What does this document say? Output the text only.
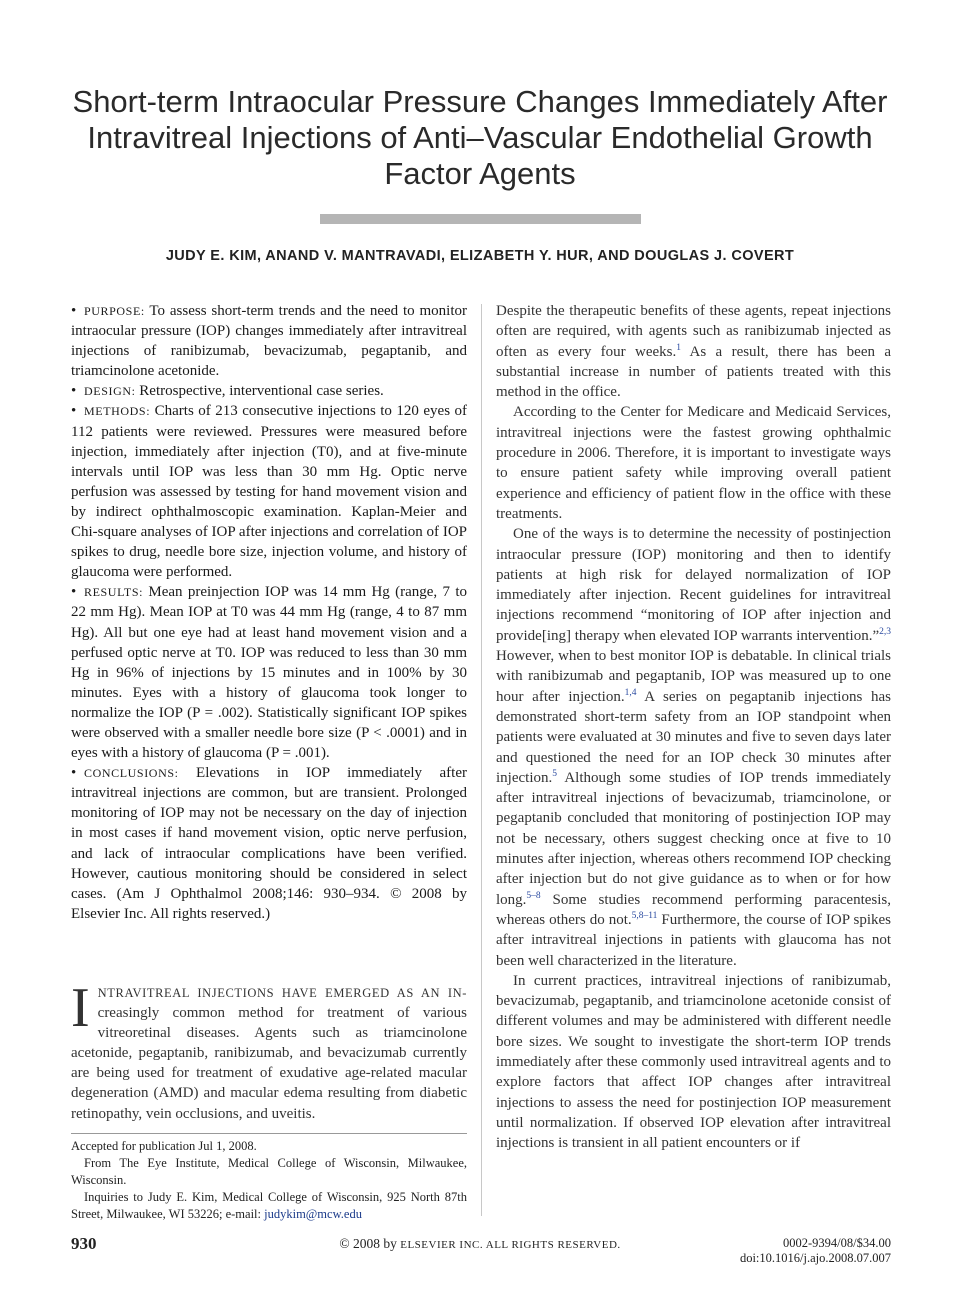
Short-term Intraocular Pressure Changes Immediately After Intravitreal Injections of Anti–Vascular Endothelial Growth Factor Agents
JUDY E. KIM, ANAND V. MANTRAVADI, ELIZABETH Y. HUR, AND DOUGLAS J. COVERT

• PURPOSE: To assess short-term trends and the need to monitor intraocular pressure (IOP) changes immediately after intravitreal injections of ranibizumab, bevacizumab, pegaptanib, and triamcinolone acetonide.

• DESIGN: Retrospective, interventional case series.

• METHODS: Charts of 213 consecutive injections to 120 eyes of 112 patients were reviewed. Pressures were measured before injection, immediately after injection (T0), and at five-minute intervals until IOP was less than 30 mm Hg. Optic nerve perfusion was assessed by testing for hand movement vision and by indirect ophthalmoscopic examination. Kaplan-Meier and Chi-square analyses of IOP after injections and correlation of IOP spikes to drug, needle bore size, injection volume, and history of glaucoma were performed.

• RESULTS: Mean preinjection IOP was 14 mm Hg (range, 7 to 22 mm Hg). Mean IOP at T0 was 44 mm Hg (range, 4 to 87 mm Hg). All but one eye had at least hand movement vision and a perfused optic nerve at T0. IOP was reduced to less than 30 mm Hg in 96% of injections by 15 minutes and in 100% by 30 minutes. Eyes with a history of glaucoma took longer to normalize the IOP (P = .002). Statistically significant IOP spikes were observed with a smaller needle bore size (P < .0001) and in eyes with a history of glaucoma (P = .001).

• CONCLUSIONS: Elevations in IOP immediately after intravitreal injections are common, but are transient. Prolonged monitoring of IOP may not be necessary on the day of injection in most cases if hand movement vision, optic nerve perfusion, and lack of intraocular complications have been verified. However, cautious monitoring should be considered in select cases. (Am J Ophthalmol 2008;146: 930–934. © 2008 by Elsevier Inc. All rights reserved.)

INTRAVITREAL INJECTIONS HAVE EMERGED AS AN IN-creasingly common method for treatment of various vitreoretinal diseases. Agents such as triamcinolone acetonide, pegaptanib, ranibizumab, and bevacizumab currently are being used for treatment of exudative age-related macular degeneration (AMD) and macular edema resulting from diabetic retinopathy, vein occlusions, and uveitis.

Accepted for publication Jul 1, 2008.

From The Eye Institute, Medical College of Wisconsin, Milwaukee, Wisconsin.

Inquiries to Judy E. Kim, Medical College of Wisconsin, 925 North 87th Street, Milwaukee, WI 53226; e-mail: judykim@mcw.edu

Despite the therapeutic benefits of these agents, repeat injections often are required, with agents such as ranibizumab injected as often as every four weeks.$^1$ As a result, there has been a substantial increase in number of patients treated with this method in the office.

According to the Center for Medicare and Medicaid Services, intravitreal injections were the fastest growing ophthalmic procedure in 2006. Therefore, it is important to investigate ways to ensure patient safety while improving overall patient experience and efficiency of patient flow in the office with these treatments.

One of the ways is to determine the necessity of postinjection intraocular pressure (IOP) monitoring and then to identify patients at high risk for delayed normalization of IOP immediately after injection. Recent guidelines for intravitreal injections recommend “monitoring of IOP after injection and provide[ing] therapy when elevated IOP warrants intervention.”$^{2,3}$ However, when to best monitor IOP is debatable. In clinical trials with ranibizumab and pegaptanib, IOP was measured up to one hour after injection.$^{1,4}$ A series on pegaptanib injections has demonstrated short-term safety from an IOP standpoint when patients were evaluated at 30 minutes and five to seven days later and questioned the need for an IOP check 30 minutes after injection.$^5$ Although some studies of IOP trends immediately after intravitreal injections of bevacizumab, triamcinolone, or pegaptanib concluded that monitoring of postinjection IOP may not be necessary, others suggest checking once at five to 10 minutes after injection, whereas others recommend IOP checking after injection but do not give guidance as to when or for how long.$^{5-8}$ Some studies recommend performing paracentesis, whereas others do not.$^{5,8-11}$ Furthermore, the course of IOP spikes after intravitreal injections in patients with glaucoma has not been well characterized in the literature.

In current practices, intravitreal injections of ranibizumab, bevacizumab, pegaptanib, and triamcinolone acetonide consist of different volumes and may be administered with different needle bore sizes. We sought to investigate the short-term IOP trends immediately after these commonly used intravitreal agents and to explore factors that affect IOP changes after intravitreal injections to assess the need for postinjection IOP measurement until normalization. If observed IOP elevation after intravitreal injections is transient in all patient encounters or if

930	© 2008 by ELSEVIER INC. ALL RIGHTS RESERVED.	0002-9394/08/$34.00
doi:10.1016/j.ajo.2008.07.007
